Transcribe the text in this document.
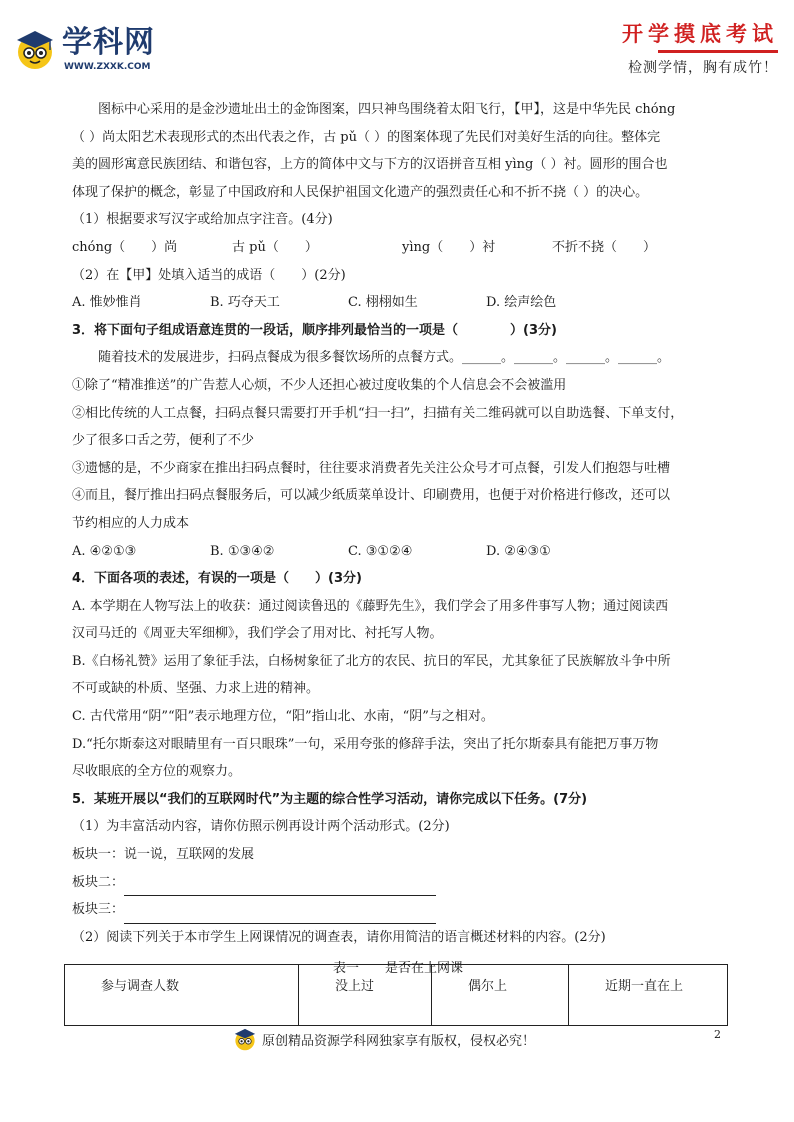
学科网
WWW.ZXXK.COM
开学摸底考试
检测学情，胸有成竹！
图标中心采用的是金沙遗址出土的金饰图案，四只神鸟围绕着太阳飞行，【甲】，这是中华先民 chóng
（ ）尚太阳艺术表现形式的杰出代表之作，古 pǔ（ ）的图案体现了先民们对美好生活的向往。整体完
美的圆形寓意民族团结、和谐包容，上方的简体中文与下方的汉语拼音互相 yìng（ ）衬。圆形的围合也
体现了保护的概念，彰显了中国政府和人民保护祖国文化遗产的强烈责任心和不折不挠（ ）的决心。
（1）根据要求写汉字或给加点字注音。(4分)
chóng（　　）尚	古 pǔ（　　）	yìng（　　）衬	不折不挠（　　）
（2）在【甲】处填入适当的成语（　　）(2分)
A. 惟妙惟肖	B. 巧夺天工	C. 栩栩如生	D. 绘声绘色
3．将下面句子组成语意连贯的一段话，顺序排列最恰当的一项是（　　　　）(3分)
随着技术的发展进步，扫码点餐成为很多餐饮场所的点餐方式。______。______。______。______。
①除了“精准推送”的广告惹人心烦，不少人还担心被过度收集的个人信息会不会被滥用
②相比传统的人工点餐，扫码点餐只需要打开手机“扫一扫”，扫描有关二维码就可以自助选餐、下单支付，
少了很多口舌之劳，便利了不少
③遗憾的是，不少商家在推出扫码点餐时，往往要求消费者先关注公众号才可点餐，引发人们抱怨与吐槽
④而且，餐厅推出扫码点餐服务后，可以减少纸质菜单设计、印刷费用，也便于对价格进行修改，还可以
节约相应的人力成本
A. ④②①③	B. ①③④②	C. ③①②④	D. ②④③①
4．下面各项的表述，有误的一项是（　　）(3分)
A. 本学期在人物写法上的收获：通过阅读鲁迅的《藤野先生》，我们学会了用多件事写人物；通过阅读西
汉司马迁的《周亚夫军细柳》，我们学会了用对比、衬托写人物。
B.《白杨礼赞》运用了象征手法，白杨树象征了北方的农民、抗日的军民，尤其象征了民族解放斗争中所
不可或缺的朴质、坚强、力求上进的精神。
C. 古代常用“阴”“阳”表示地理方位，“阳”指山北、水南，“阴”与之相对。
D.“托尔斯泰这对眼睛里有一百只眼珠”一句，采用夸张的修辞手法，突出了托尔斯泰具有能把万事万物
尽收眼底的全方位的观察力。
5．某班开展以“我们的互联网时代”为主题的综合性学习活动，请你完成以下任务。(7分)
（1）为丰富活动内容，请你仿照示例再设计两个活动形式。(2分)
板块一：说一说，互联网的发展
板块二：
板块三：
（2）阅读下列关于本市学生上网课情况的调查表，请你用简洁的语言概述材料的内容。(2分)
表一　　是否在上网课
参与调查人数	没上过	偶尔上	近期一直在上
原创精品资源学科网独家享有版权，侵权必究！	2
